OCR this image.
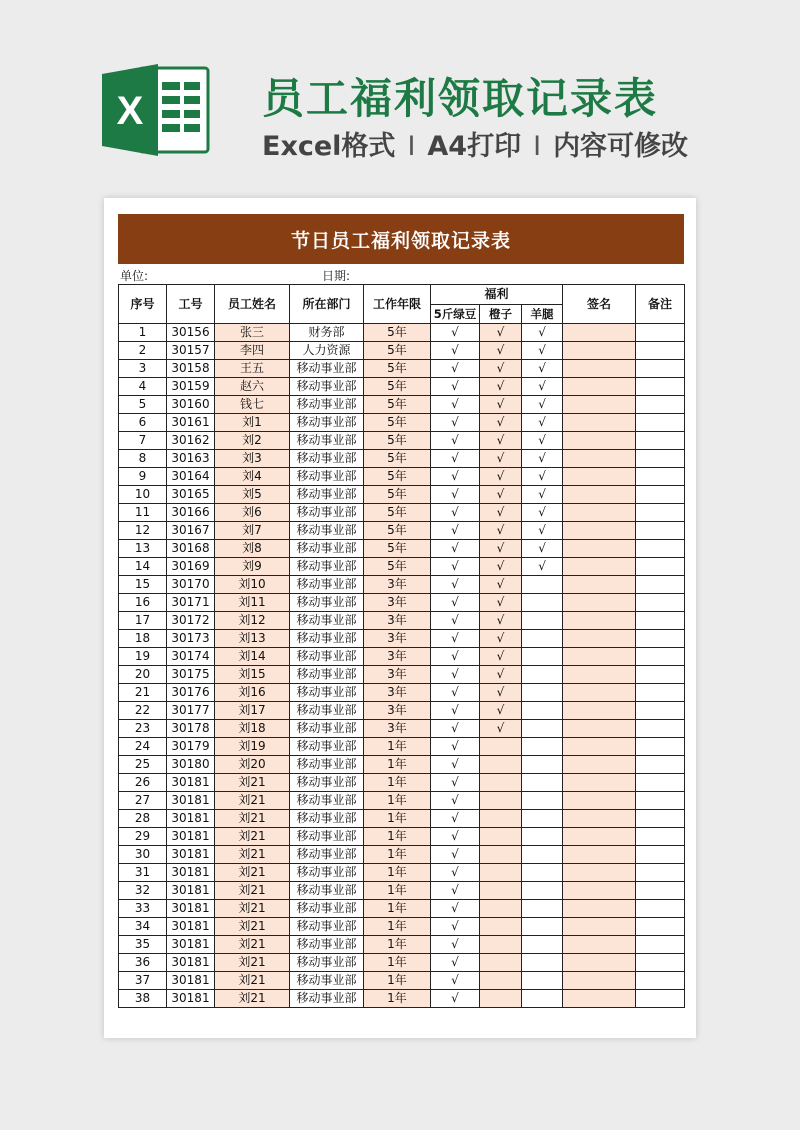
X	员工福利领取记录表
Excel格式 I A4打印 I 内容可修改
节日员工福利领取记录表
单位:	日期:
序号	工号	员工姓名	所在部门	工作年限	福利			签名	备注
					5斤绿豆	橙子	羊腿		
1	30156	张三	财务部	5年	√	√	√		
2	30157	李四	人力资源	5年	√	√	√		
3	30158	王五	移动事业部	5年	√	√	√		
4	30159	赵六	移动事业部	5年	√	√	√		
5	30160	钱七	移动事业部	5年	√	√	√		
6	30161	刘1	移动事业部	5年	√	√	√		
7	30162	刘2	移动事业部	5年	√	√	√		
8	30163	刘3	移动事业部	5年	√	√	√		
9	30164	刘4	移动事业部	5年	√	√	√		
10	30165	刘5	移动事业部	5年	√	√	√		
11	30166	刘6	移动事业部	5年	√	√	√		
12	30167	刘7	移动事业部	5年	√	√	√		
13	30168	刘8	移动事业部	5年	√	√	√		
14	30169	刘9	移动事业部	5年	√	√	√		
15	30170	刘10	移动事业部	3年	√	√			
16	30171	刘11	移动事业部	3年	√	√			
17	30172	刘12	移动事业部	3年	√	√			
18	30173	刘13	移动事业部	3年	√	√			
19	30174	刘14	移动事业部	3年	√	√			
20	30175	刘15	移动事业部	3年	√	√			
21	30176	刘16	移动事业部	3年	√	√			
22	30177	刘17	移动事业部	3年	√	√			
23	30178	刘18	移动事业部	3年	√	√			
24	30179	刘19	移动事业部	1年	√				
25	30180	刘20	移动事业部	1年	√				
26	30181	刘21	移动事业部	1年	√				
27	30181	刘21	移动事业部	1年	√				
28	30181	刘21	移动事业部	1年	√				
29	30181	刘21	移动事业部	1年	√				
30	30181	刘21	移动事业部	1年	√				
31	30181	刘21	移动事业部	1年	√				
32	30181	刘21	移动事业部	1年	√				
33	30181	刘21	移动事业部	1年	√				
34	30181	刘21	移动事业部	1年	√				
35	30181	刘21	移动事业部	1年	√				
36	30181	刘21	移动事业部	1年	√				
37	30181	刘21	移动事业部	1年	√				
38	30181	刘21	移动事业部	1年	√				
